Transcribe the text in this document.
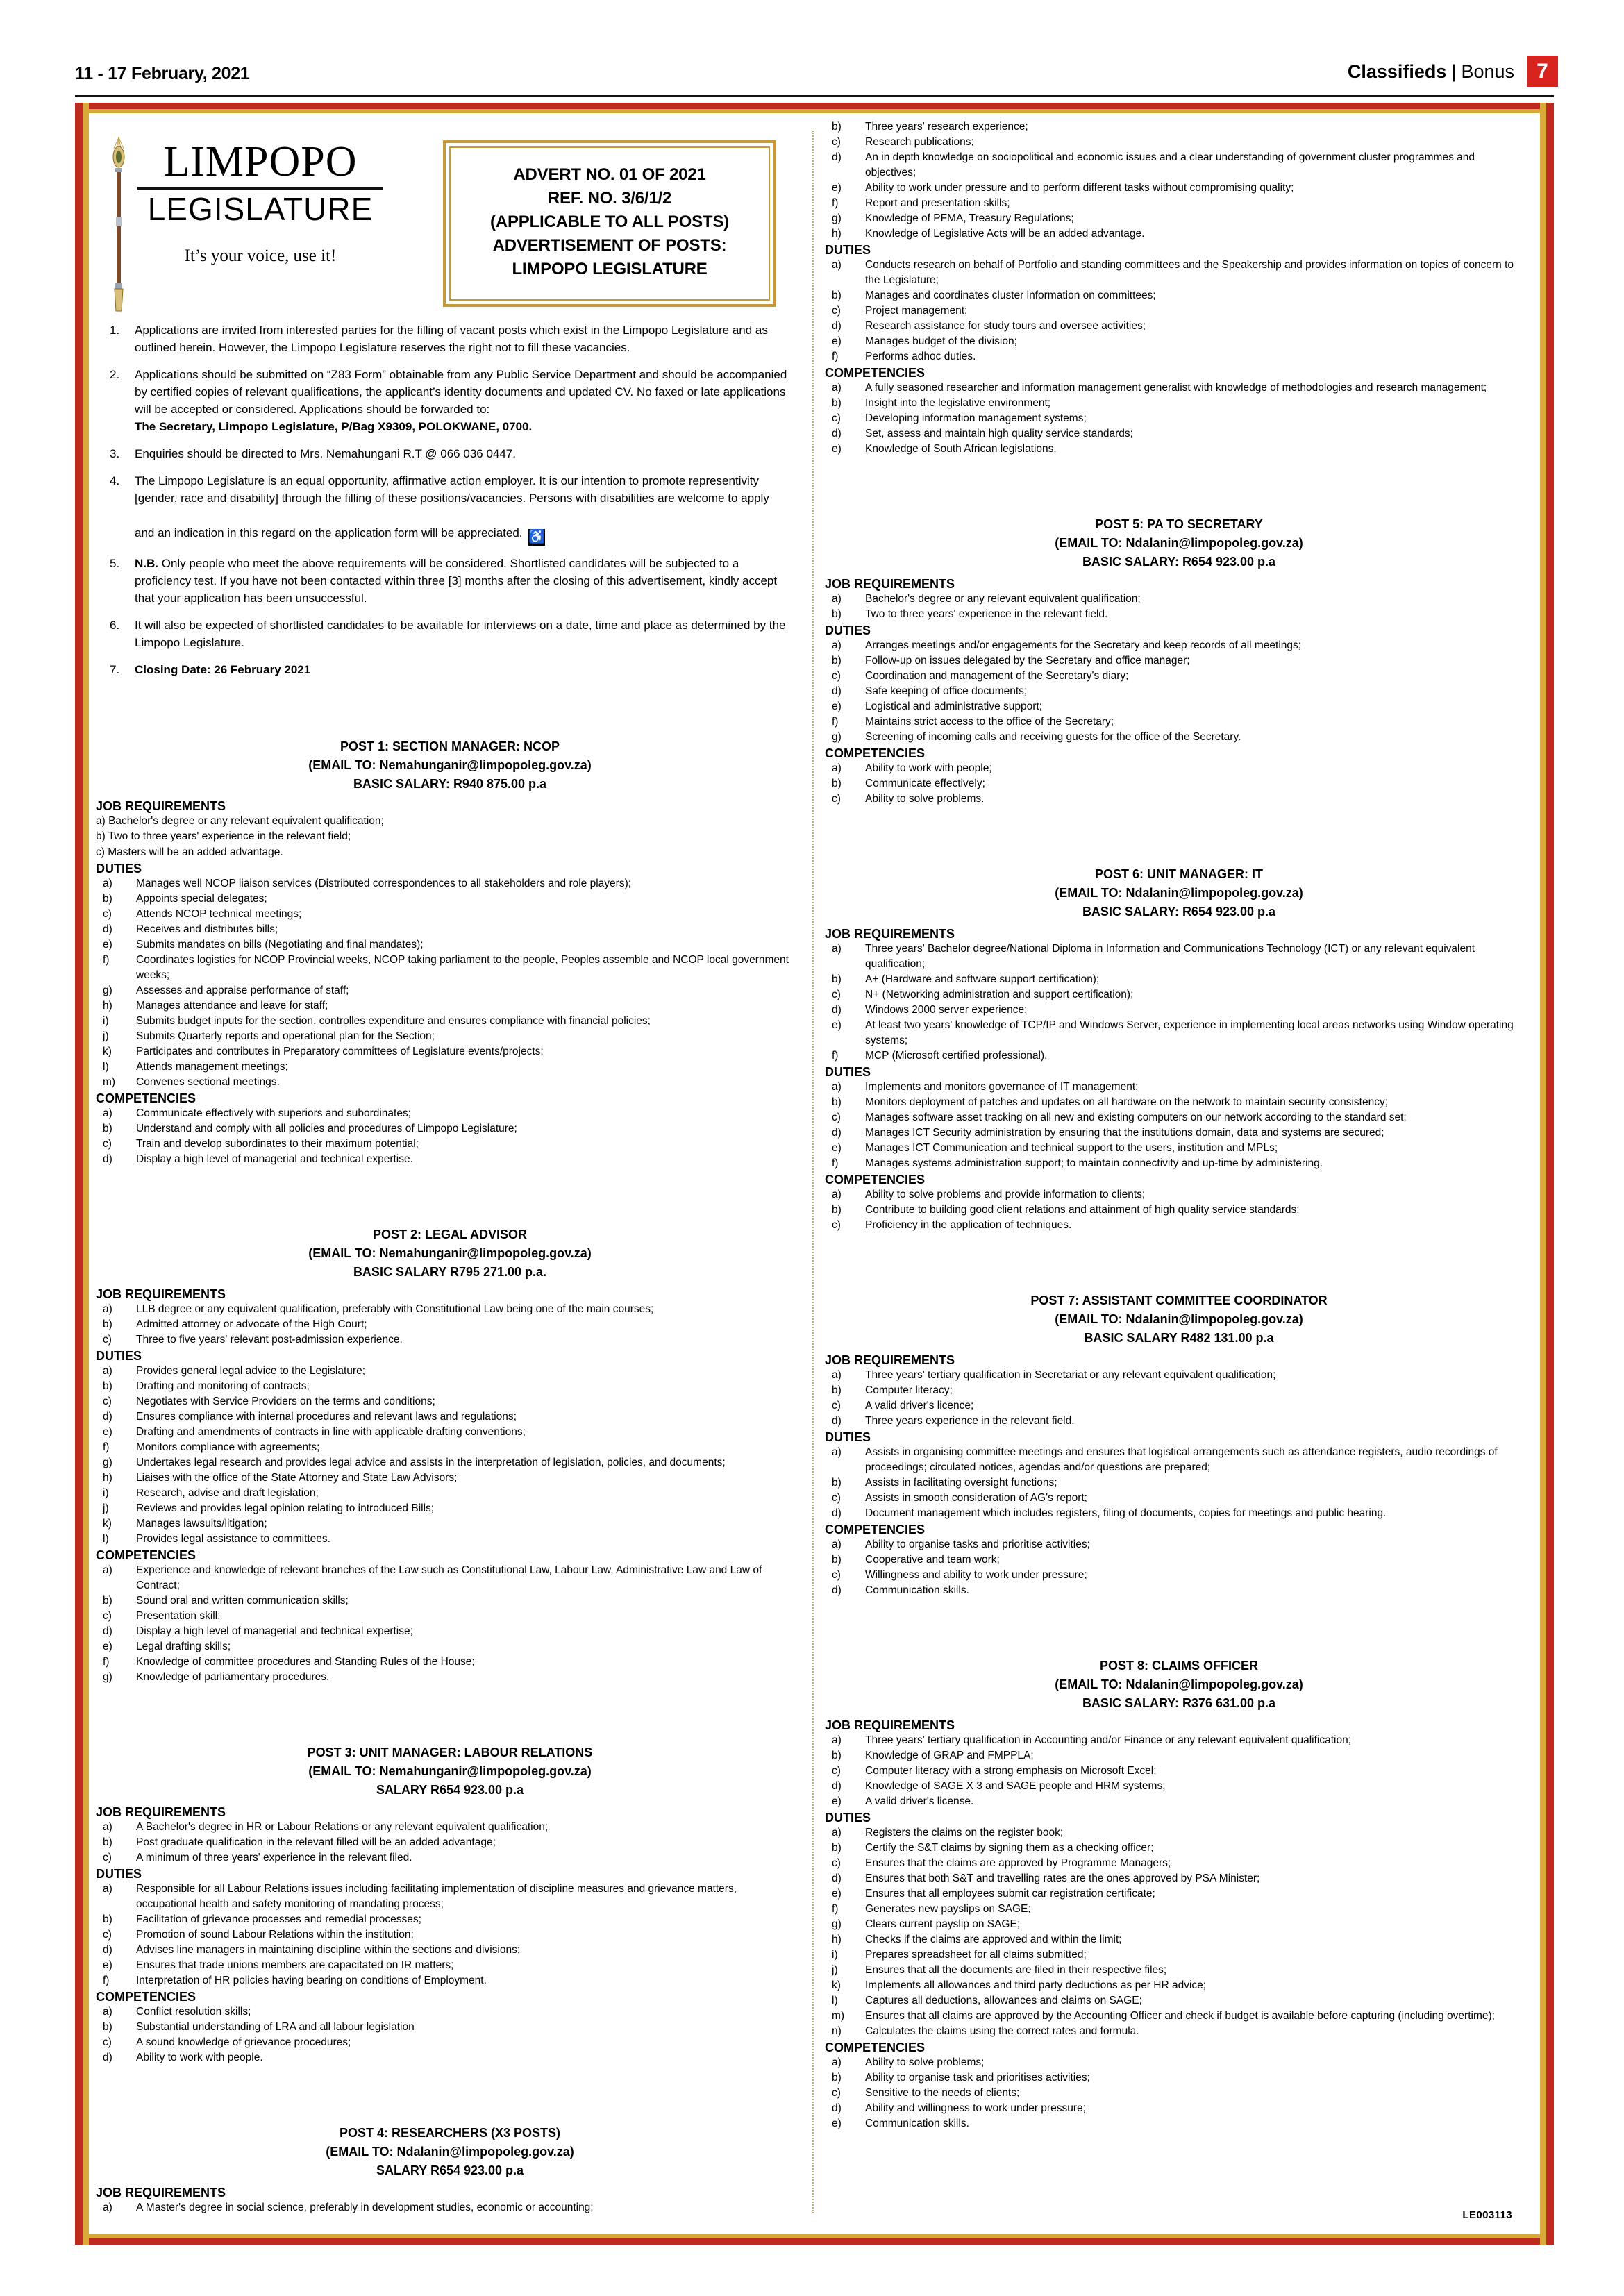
11 - 17 February, 2021	Classifieds | Bonus	7
LIMPOPO
LEGISLATURE
It’s your voice, use it!
ADVERT NO. 01 OF 2021
REF. NO. 3/6/1/2
(APPLICABLE TO ALL POSTS)
ADVERTISEMENT OF POSTS:
LIMPOPO LEGISLATURE
1.	Applications are invited from interested parties for the filling of vacant posts which exist in the Limpopo Legislature and as outlined herein. However, the Limpopo Legislature reserves the right not to fill these vacancies.
2.	Applications should be submitted on “Z83 Form” obtainable from any Public Service Department and should be accompanied by certified copies of relevant qualifications, the applicant’s identity documents and updated CV. No faxed or late applications will be accepted or considered. Applications should be forwarded to:
The Secretary, Limpopo Legislature, P/Bag X9309, POLOKWANE, 0700.
3.	Enquiries should be directed to Mrs. Nemahungani R.T @ 066 036 0447.
4.	The Limpopo Legislature is an equal opportunity, affirmative action employer. It is our intention to promote representivity [gender, race and disability] through the filling of these positions/vacancies. Persons with disabilities are welcome to apply

and an indication in this regard on the application form will be appreciated. ♿
5.	N.B. Only people who meet the above requirements will be considered. Shortlisted candidates will be subjected to a proficiency test. If you have not been contacted within three [3] months after the closing of this advertisement, kindly accept that your application has been unsuccessful.
6.	It will also be expected of shortlisted candidates to be available for interviews on a date, time and place as determined by the Limpopo Legislature.
7.	Closing Date: 26 February 2021
POST 1: SECTION MANAGER: NCOP
(EMAIL TO: Nemahunganir@limpopoleg.gov.za)
BASIC SALARY: R940 875.00 p.a
JOB REQUIREMENTS
a) Bachelor's degree or any relevant equivalent qualification;
b) Two to three years' experience in the relevant field;
c) Masters will be an added advantage.
DUTIES
a)	Manages well NCOP liaison services (Distributed correspondences to all stakeholders and role players);
b)	Appoints special delegates;
c)	Attends NCOP technical meetings;
d)	Receives and distributes bills;
e)	Submits mandates on bills (Negotiating and final mandates);
f)	Coordinates logistics for NCOP Provincial weeks, NCOP taking parliament to the people, Peoples assemble and NCOP local government weeks;
g)	Assesses and appraise performance of staff;
h)	Manages attendance and leave for staff;
i)	Submits budget inputs for the section, controlles expenditure and ensures compliance with financial policies;
j)	Submits Quarterly reports and operational plan for the Section;
k)	Participates and contributes in Preparatory committees of Legislature events/projects;
l)	Attends management meetings;
m)	Convenes sectional meetings.
COMPETENCIES
a)	Communicate effectively with superiors and subordinates;
b)	Understand and comply with all policies and procedures of Limpopo Legislature;
c)	Train and develop subordinates to their maximum potential;
d)	Display a high level of managerial and technical expertise.
POST 2: LEGAL ADVISOR
(EMAIL TO: Nemahunganir@limpopoleg.gov.za)
BASIC SALARY R795 271.00 p.a.
JOB REQUIREMENTS
a)	LLB degree or any equivalent qualification, preferably with Constitutional Law being one of the main courses;
b)	Admitted attorney or advocate of the High Court;
c)	Three to five years' relevant post-admission experience.
DUTIES
a)	Provides general legal advice to the Legislature;
b)	Drafting and monitoring of contracts;
c)	Negotiates with Service Providers on the terms and conditions;
d)	Ensures compliance with internal procedures and relevant laws and regulations;
e)	Drafting and amendments of contracts in line with applicable drafting conventions;
f)	Monitors compliance with agreements;
g)	Undertakes legal research and provides legal advice and assists in the interpretation of legislation, policies, and documents;
h)	Liaises with the office of the State Attorney and State Law Advisors;
i)	Research, advise and draft legislation;
j)	Reviews and provides legal opinion relating to introduced Bills;
k)	Manages lawsuits/litigation;
l)	Provides legal assistance to committees.
COMPETENCIES
a)	Experience and knowledge of relevant branches of the Law such as Constitutional Law, Labour Law, Administrative Law and Law of Contract;
b)	Sound oral and written communication skills;
c)	Presentation skill;
d)	Display a high level of managerial and technical expertise;
e)	Legal drafting skills;
f)	Knowledge of committee procedures and Standing Rules of the House;
g)	Knowledge of parliamentary procedures.
POST 3: UNIT MANAGER: LABOUR RELATIONS
(EMAIL TO: Nemahunganir@limpopoleg.gov.za)
SALARY R654 923.00 p.a
JOB REQUIREMENTS
a)	A Bachelor's degree in HR or Labour Relations or any relevant equivalent qualification;
b)	Post graduate qualification in the relevant filled will be an added advantage;
c)	A minimum of three years' experience in the relevant filed.
DUTIES
a)	Responsible for all Labour Relations issues including facilitating implementation of discipline measures and grievance matters, occupational health and safety monitoring of mandating process;
b)	Facilitation of grievance processes and remedial processes;
c)	Promotion of sound Labour Relations within the institution;
d)	Advises line managers in maintaining discipline within the sections and divisions;
e)	Ensures that trade unions members are capacitated on IR matters;
f)	Interpretation of HR policies having bearing on conditions of Employment.
COMPETENCIES
a)	Conflict resolution skills;
b)	Substantial understanding of LRA and all labour legislation
c)	A sound knowledge of grievance procedures;
d)	Ability to work with people.
POST 4: RESEARCHERS (X3 POSTS)
(EMAIL TO: Ndalanin@limpopoleg.gov.za)
SALARY R654 923.00 p.a
JOB REQUIREMENTS
a)	A Master's degree in social science, preferably in development studies, economic or accounting;
b)	Three years' research experience;
c)	Research publications;
d)	An in depth knowledge on sociopolitical and economic issues and a clear understanding of government cluster programmes and objectives;
e)	Ability to work under pressure and to perform different tasks without compromising quality;
f)	Report and presentation skills;
g)	Knowledge of PFMA, Treasury Regulations;
h)	Knowledge of Legislative Acts will be an added advantage.
DUTIES
a)	Conducts research on behalf of Portfolio and standing committees and the Speakership and provides information on topics of concern to the Legislature;
b)	Manages and coordinates cluster information on committees;
c)	Project management;
d)	Research assistance for study tours and oversee activities;
e)	Manages budget of the division;
f)	Performs adhoc duties.
COMPETENCIES
a)	A fully seasoned researcher and information management generalist with knowledge of methodologies and research management;
b)	Insight into the legislative environment;
c)	Developing information management systems;
d)	Set, assess and maintain high quality service standards;
e)	Knowledge of South African legislations.
POST 5: PA TO SECRETARY
(EMAIL TO: Ndalanin@limpopoleg.gov.za)
BASIC SALARY: R654 923.00 p.a
JOB REQUIREMENTS
a)	Bachelor's degree or any relevant equivalent qualification;
b)	Two to three years' experience in the relevant field.
DUTIES
a)	Arranges meetings and/or engagements for the Secretary and keep records of all meetings;
b)	Follow-up on issues delegated by the Secretary and office manager;
c)	Coordination and management of the Secretary's diary;
d)	Safe keeping of office documents;
e)	Logistical and administrative support;
f)	Maintains strict access to the office of the Secretary;
g)	Screening of incoming calls and receiving guests for the office of the Secretary.
COMPETENCIES
a)	Ability to work with people;
b)	Communicate effectively;
c)	Ability to solve problems.
POST 6: UNIT MANAGER: IT
(EMAIL TO: Ndalanin@limpopoleg.gov.za)
BASIC SALARY: R654 923.00 p.a
JOB REQUIREMENTS
a)	Three years' Bachelor degree/National Diploma in Information and Communications Technology (ICT) or any relevant equivalent qualification;
b)	A+ (Hardware and software support certification);
c)	N+ (Networking administration and support certification);
d)	Windows 2000 server experience;
e)	At least two years' knowledge of TCP/IP and Windows Server, experience in implementing local areas networks using Window operating systems;
f)	MCP (Microsoft certified professional).
DUTIES
a)	Implements and monitors governance of IT management;
b)	Monitors deployment of patches and updates on all hardware on the network to maintain security consistency;
c)	Manages software asset tracking on all new and existing computers on our network according to the standard set;
d)	Manages ICT Security administration by ensuring that the institutions domain, data and systems are secured;
e)	Manages ICT Communication and technical support to the users, institution and MPLs;
f)	Manages systems administration support; to maintain connectivity and up-time by administering.
COMPETENCIES
a)	Ability to solve problems and provide information to clients;
b)	Contribute to building good client relations and attainment of high quality service standards;
c)	Proficiency in the application of techniques.
POST 7: ASSISTANT COMMITTEE COORDINATOR
(EMAIL TO: Ndalanin@limpopoleg.gov.za)
BASIC SALARY R482 131.00 p.a
JOB REQUIREMENTS
a)	Three years' tertiary qualification in Secretariat or any relevant equivalent qualification;
b)	Computer literacy;
c)	A valid driver's licence;
d)	Three years experience in the relevant field.
DUTIES
a)	Assists in organising committee meetings and ensures that logistical arrangements such as attendance registers, audio recordings of proceedings; circulated notices, agendas and/or questions are prepared;
b)	Assists in facilitating oversight functions;
c)	Assists in smooth consideration of AG's report;
d)	Document management which includes registers, filing of documents, copies for meetings and public hearing.
COMPETENCIES
a)	Ability to organise tasks and prioritise activities;
b)	Cooperative and team work;
c)	Willingness and ability to work under pressure;
d)	Communication skills.
POST 8: CLAIMS OFFICER
(EMAIL TO: Ndalanin@limpopoleg.gov.za)
BASIC SALARY: R376 631.00 p.a
JOB REQUIREMENTS
a)	Three years' tertiary qualification in Accounting and/or Finance or any relevant equivalent qualification;
b)	Knowledge of GRAP and FMPPLA;
c)	Computer literacy with a strong emphasis on Microsoft Excel;
d)	Knowledge of SAGE X 3 and SAGE people and HRM systems;
e)	A valid driver's license.
DUTIES
a)	Registers the claims on the register book;
b)	Certify the S&T claims by signing them as a checking officer;
c)	Ensures that the claims are approved by Programme Managers;
d)	Ensures that both S&T and travelling rates are the ones approved by PSA Minister;
e)	Ensures that all employees submit car registration certificate;
f)	Generates new payslips on SAGE;
g)	Clears current payslip on SAGE;
h)	Checks if the claims are approved and within the limit;
i)	Prepares spreadsheet for all claims submitted;
j)	Ensures that all the documents are filed in their respective files;
k)	Implements all allowances and third party deductions as per HR advice;
l)	Captures all deductions, allowances and claims on SAGE;
m)	Ensures that all claims are approved by the Accounting Officer and check if budget is available before capturing (including overtime);
n)	Calculates the claims using the correct rates and formula.
COMPETENCIES
a)	Ability to solve problems;
b)	Ability to organise task and prioritises activities;
c)	Sensitive to the needs of clients;
d)	Ability and willingness to work under pressure;
e)	Communication skills.
LE003113
